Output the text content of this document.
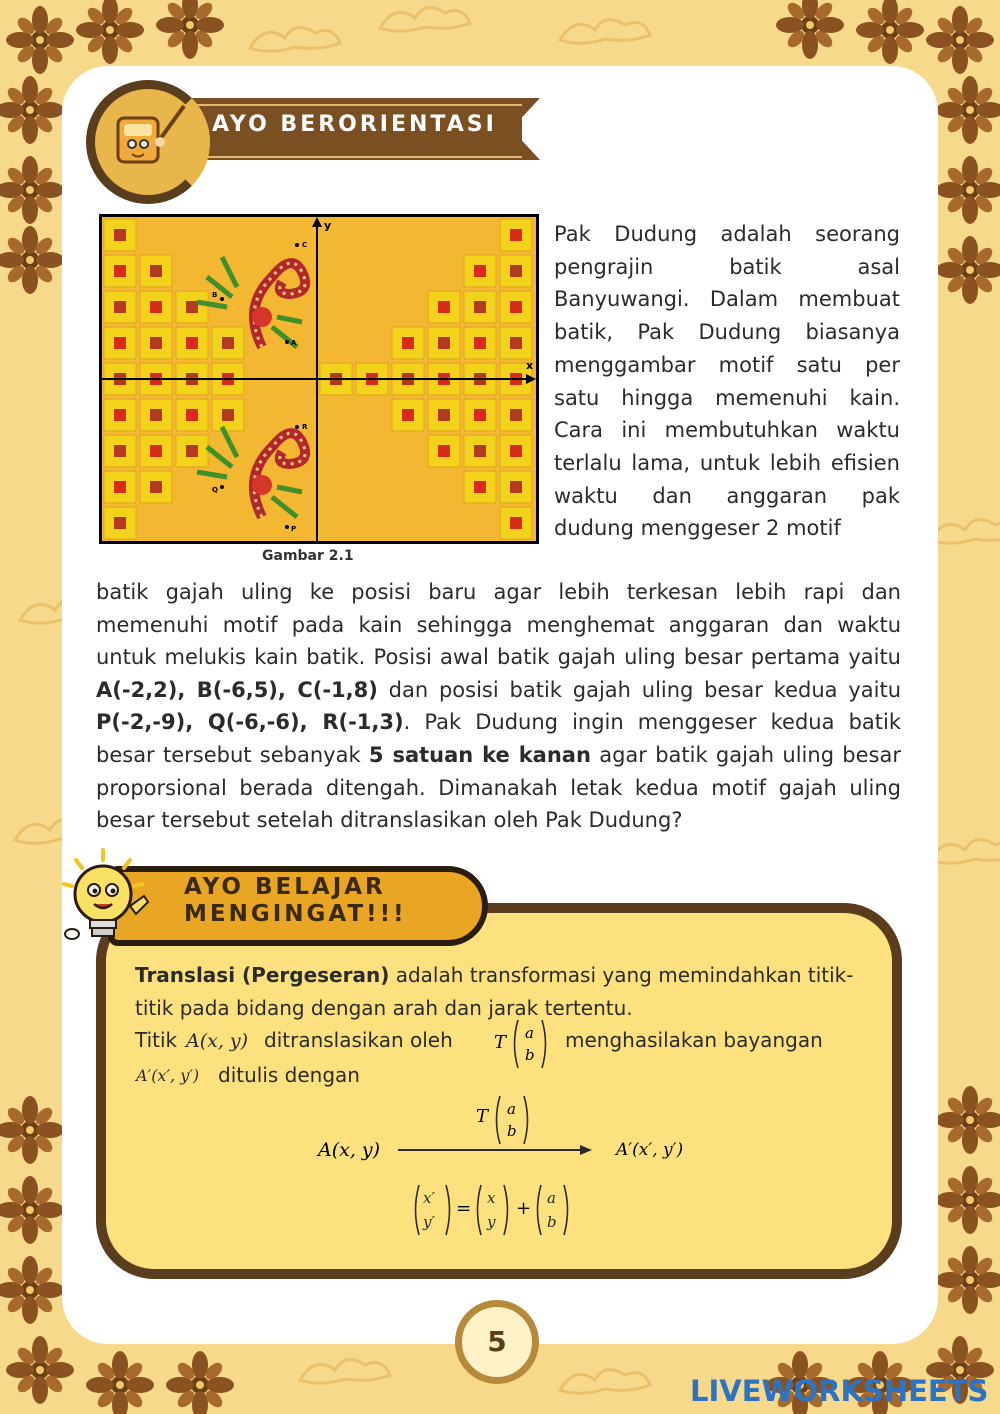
AYO BERORIENTASI
x
y
A
B
C
P
Q
R
Gambar 2.1
Pak Dudung adalah seorang pengrajin batik asal Banyuwangi. Dalam membuat batik, Pak Dudung biasanya menggambar motif satu per satu hingga memenuhi kain. Cara ini membutuhkan waktu terlalu lama, untuk lebih efisien waktu dan anggaran pak dudung menggeser 2 motif
batik gajah uling ke posisi baru agar lebih terkesan lebih rapi dan memenuhi motif pada kain sehingga menghemat anggaran dan waktu untuk melukis kain batik. Posisi awal batik gajah uling besar pertama yaitu A(-2,2), B(-6,5), C(-1,8) dan posisi batik gajah uling besar kedua yaitu P(-2,-9), Q(-6,-6), R(-1,3). Pak Dudung ingin menggeser kedua batik besar tersebut sebanyak 5 satuan ke kanan agar batik gajah uling besar proporsional berada ditengah. Dimanakah letak kedua motif gajah uling besar tersebut setelah ditranslasikan oleh Pak Dudung?
AYO BELAJAR
MENGINGAT!!!
Translasi (Pergeseran) adalah transformasi yang memindahkan titik-titik pada bidang dengan arah dan jarak tertentu.
Titik A(x, y) ditranslasikan oleh T a
b
menghasilakan bayangan
A′(x′, y′) ditulis dengan
T a
b
A(x, y)	A′(x′, y′)
x′
y′
x
y
a
b
= +
5
LIVEWORKSHEETS
